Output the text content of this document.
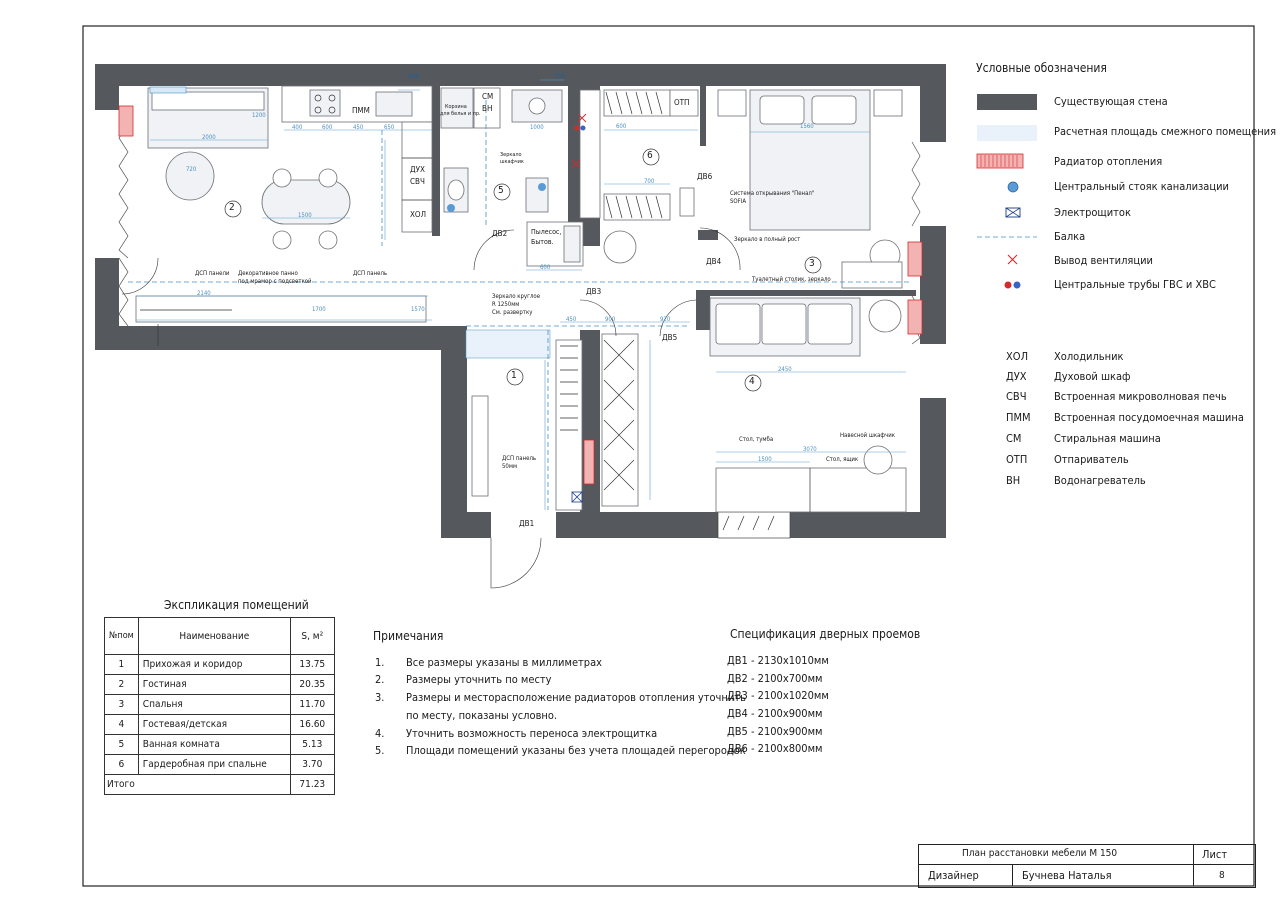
1
2
3
4
5
6
ДВ1
ДВ2
ДВ3
ДВ4
ДВ5
ДВ6
ПММ
ДУХ
СВЧ
ХОЛ
СМ
ВН
ОТП
ДСП панели Декоративное панно
под мрамор с подсветкой
ДСП панель
Зеркало круглое
R 1250мм
См. развертку
ДСП панель
50мм
Пылесос,
Бытов.
Корзина
для белья и пр.
Система открывания "Пенал"
SOFIA
Зеркало в полный рост
Туалетный столик, зеркало
Стол, тумба
Навесной шкафчик
Стол, ящик
Зеркало
шкафчик
660	750
1200
2000
720
1500
400	600	450	650
2140
1700	1570
600
450	900	920
2450
3070
1500
1560
600
700
1000
Условные обозначения
Существующая стена
Расчетная площадь смежного помещения
Радиатор отопления
Центральный стояк канализации
Электрощиток
Балка
Вывод вентиляции
Центральные трубы ГВС и ХВС
ХОЛ Холодильник
ДУХ Духовой шкаф
СВЧ	Встроенная микроволновая печь
ПММ Встроенная посудомоечная машина
СМ	Стиральная машина
ОТП Отпариватель
ВН	Водонагреватель
Экспликация помещений
№пом	Наименование	S, м²
1	Прихожая и коридор	13.75
2	Гостиная	20.35
3	Спальня	11.70
4	Гостевая/детская	16.60
5	Ванная комната	5.13
6	Гардеробная при спальне	3.70
Итого		71.23
Примечания
1. Все размеры указаны в миллиметрах
2. Размеры уточнить по месту
3. Размеры и месторасположение радиаторов отопления уточнить
по месту, показаны условно.
4. Уточнить возможность переноса электрощитка
5. Площади помещений указаны без учета площадей перегородок
Спецификация дверных проемов
ДВ1 - 2130х1010мм
ДВ2 - 2100х700мм
ДВ3 - 2100х1020мм
ДВ4 - 2100х900мм
ДВ5 - 2100х900мм
ДВ6 - 2100х800мм
План расстановки мебели М 150	Лист
Дизайнер	Бучнева Наталья	8
